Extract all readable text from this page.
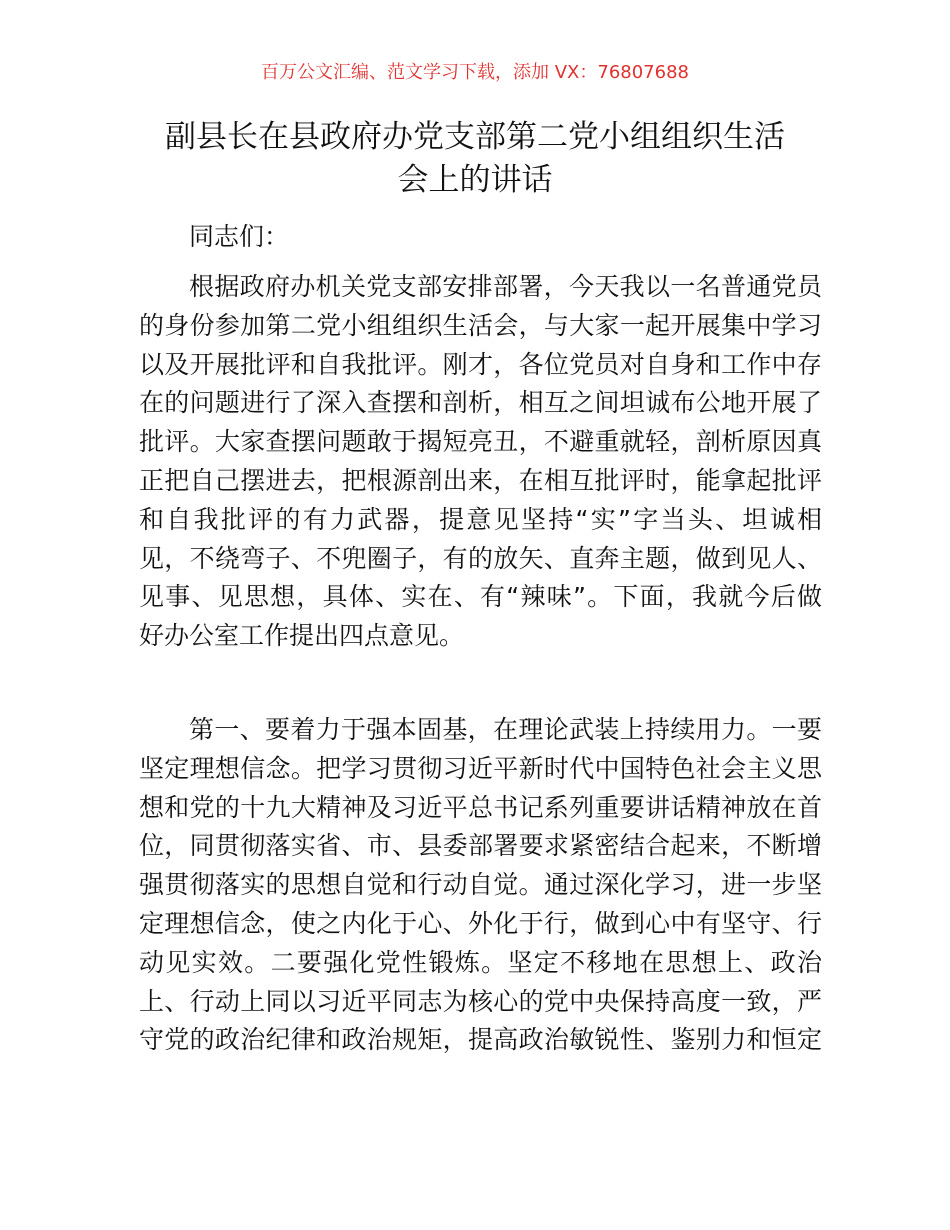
百万公文汇编、范文学习下载，添加 VX：76807688
副县长在县政府办党支部第二党小组组织生活
会上的讲话
同志们：
根据政府办机关党支部安排部署，今天我以一名普通党员
的身份参加第二党小组组织生活会，与大家一起开展集中学习
以及开展批评和自我批评。刚才，各位党员对自身和工作中存
在的问题进行了深入查摆和剖析，相互之间坦诚布公地开展了
批评。大家查摆问题敢于揭短亮丑，不避重就轻，剖析原因真
正把自己摆进去，把根源剖出来，在相互批评时，能拿起批评
和自我批评的有力武器，提意见坚持“实”字当头、坦诚相
见，不绕弯子、不兜圈子，有的放矢、直奔主题，做到见人、
见事、见思想，具体、实在、有“辣味”。下面，我就今后做
好办公室工作提出四点意见。
第一、要着力于强本固基，在理论武装上持续用力。一要
坚定理想信念。把学习贯彻习近平新时代中国特色社会主义思
想和党的十九大精神及习近平总书记系列重要讲话精神放在首
位，同贯彻落实省、市、县委部署要求紧密结合起来，不断增
强贯彻落实的思想自觉和行动自觉。通过深化学习，进一步坚
定理想信念，使之内化于心、外化于行，做到心中有坚守、行
动见实效。二要强化党性锻炼。坚定不移地在思想上、政治
上、行动上同以习近平同志为核心的党中央保持高度一致，严
守党的政治纪律和政治规矩，提高政治敏锐性、鉴别力和恒定
